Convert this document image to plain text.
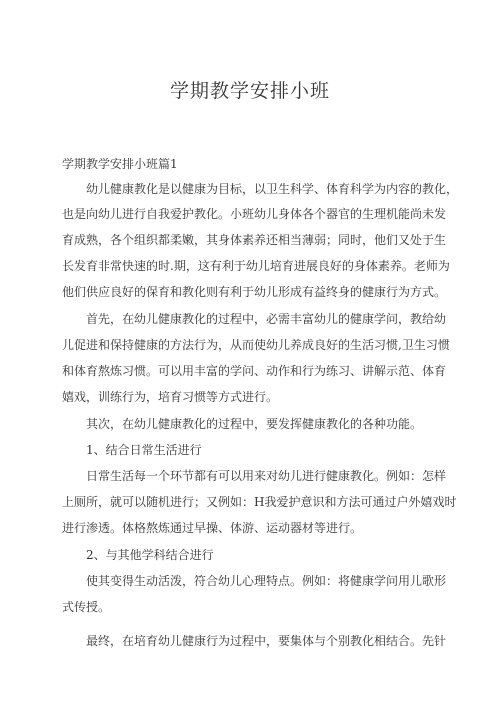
学期教学安排小班
学期教学安排小班篇1
幼儿健康教化是以健康为目标，以卫生科学、体育科学为内容的教化，
也是向幼儿进行自我爱护教化。小班幼儿身体各个器官的生理机能尚未发
育成熟，各个组织都柔嫩，其身体素养还相当薄弱；同时，他们又处于生
长发育非常快速的时.期，这有利于幼儿培育进展良好的身体素养。老师为
他们供应良好的保育和教化则有利于幼儿形成有益终身的健康行为方式。
首先，在幼儿健康教化的过程中，必需丰富幼儿的健康学问，教给幼
儿促进和保持健康的方法行为，从而使幼儿养成良好的生活习惯,卫生习惯
和体育熬炼习惯。可以用丰富的学问、动作和行为练习、讲解示范、体育
嬉戏，训练行为，培育习惯等方式进行。
其次，在幼儿健康教化的过程中，要发挥健康教化的各种功能。
1、结合日常生活进行
日常生活每一个环节都有可以用来对幼儿进行健康教化。例如：怎样
上厕所，就可以随机进行；又例如：H我爱护意识和方法可通过户外嬉戏时
进行渗透。体格熬炼通过早操、体游、运动器材等进行。
2、与其他学科结合进行
使其变得生动活泼，符合幼儿心理特点。例如：将健康学问用儿歌形
式传授。
最终，在培育幼儿健康行为过程中，要集体与个别教化相结合。先针
